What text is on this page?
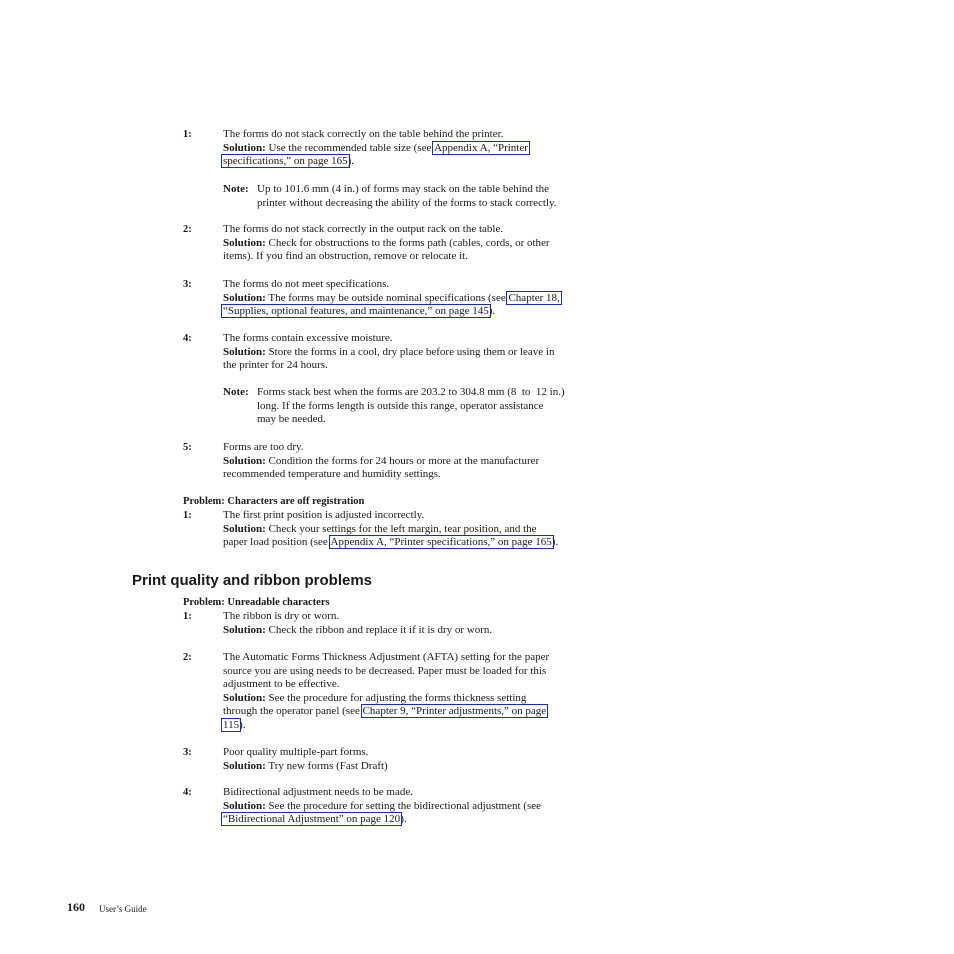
1:	The forms do not stack correctly on the table behind the printer.
Solution: Use the recommended table size (see Appendix A, “Printer
specifications,” on page 165).
Note: Up to 101.6 mm (4 in.) of forms may stack on the table behind the
printer without decreasing the ability of the forms to stack correctly.
2:	The forms do not stack correctly in the output rack on the table.
Solution: Check for obstructions to the forms path (cables, cords, or other
items). If you find an obstruction, remove or relocate it.
3:	The forms do not meet specifications.
Solution: The forms may be outside nominal specifications (see Chapter 18,
“Supplies, optional features, and maintenance,” on page 145).
4:	The forms contain excessive moisture.
Solution: Store the forms in a cool, dry place before using them or leave in
the printer for 24 hours.
Note: Forms stack best when the forms are 203.2 to 304.8 mm (8  to  12 in.)
long. If the forms length is outside this range, operator assistance
may be needed.
5:	Forms are too dry.
Solution: Condition the forms for 24 hours or more at the manufacturer
recommended temperature and humidity settings.
Problem: Characters are off registration
1:	The first print position is adjusted incorrectly.
Solution: Check your settings for the left margin, tear position, and the
paper load position (see Appendix A, “Printer specifications,” on page 165).
Print quality and ribbon problems
Problem: Unreadable characters
1:	The ribbon is dry or worn.
Solution: Check the ribbon and replace it if it is dry or worn.
2:	The Automatic Forms Thickness Adjustment (AFTA) setting for the paper
source you are using needs to be decreased. Paper must be loaded for this
adjustment to be effective.
Solution: See the procedure for adjusting the forms thickness setting
through the operator panel (see Chapter 9, “Printer adjustments,” on page
115).
3:	Poor quality multiple-part forms.
Solution: Try new forms (Fast Draft)
4:	Bidirectional adjustment needs to be made.
Solution: See the procedure for setting the bidirectional adjustment (see
“Bidirectional Adjustment” on page 120).
160 User’s Guide
